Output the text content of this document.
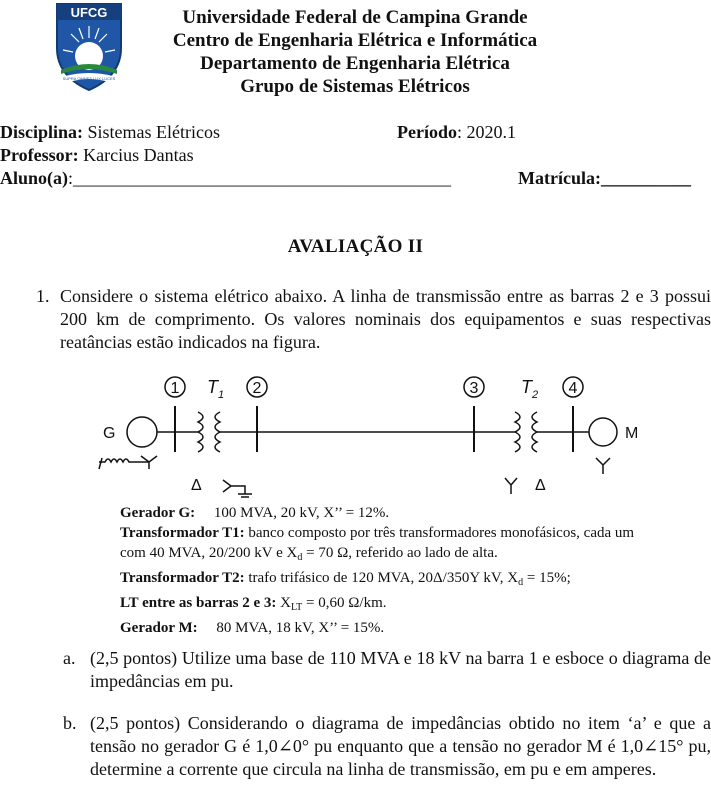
UFCG
SUPRA OMNES LUX LUCES
Universidade Federal de Campina Grande
Centro de Engenharia Elétrica e Informática
Departamento de Engenharia Elétrica
Grupo de Sistemas Elétricos
Disciplina: Sistemas Elétricos	Período: 2020.1
Professor: Karcius Dantas
Aluno(a):__________________________________________	Matrícula:__________
AVALIAÇÃO II
1. Considere o sistema elétrico abaixo. A linha de transmissão entre as barras 2 e 3 possui 200 km de comprimento. Os valores nominais dos equipamentos e suas respectivas reatâncias estão indicados na figura.
1	2	3	4
$T_1$	$T_2$
G
Δ	Δ
M
Gerador G: 100 MVA, 20 kV, X’’ = 12%.
Transformador T1: banco composto por três transformadores monofásicos, cada um
com 40 MVA, 20/200 kV e $X_d = 70$ Ω, referido ao lado de alta.
Transformador T2: trafo trifásico de 120 MVA, 20Δ/350Y kV, $X_d = 15\%$;
LT entre as barras 2 e 3: $X_{LT} = 0,60$ Ω/km.
Gerador M: 80 MVA, 18 kV, X’’ = 15%.
a. (2,5 pontos) Utilize uma base de 110 MVA e 18 kV na barra 1 e esboce o diagrama de impedâncias em pu.
b. (2,5 pontos) Considerando o diagrama de impedâncias obtido no item ‘a’ e que a tensão no gerador G é 1,0∠0° pu enquanto que a tensão no gerador M é 1,0∠15° pu, determine a corrente que circula na linha de transmissão, em pu e em amperes.
